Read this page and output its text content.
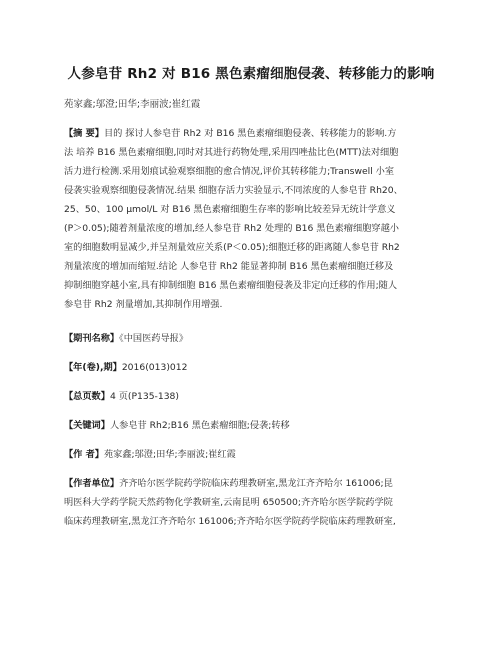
人参皂苷 Rh2 对 B16 黑色素瘤细胞侵袭、转移能力的影响
苑家鑫;邬澄;田华;李丽波;崔红霞
【摘 要】目的 探讨人参皂苷 Rh2 对 B16 黑色素瘤细胞侵袭、转移能力的影响.方
法 培养 B16 黑色素瘤细胞,同时对其进行药物处理,采用四唑盐比色(MTT)法对细胞
活力进行检测.采用划痕试验观察细胞的愈合情况,评价其转移能力;Transwell 小室
侵袭实验观察细胞侵袭情况.结果 细胞存活力实验显示,不同浓度的人参皂苷 Rh20、
25、50、100 μmol/L 对 B16 黑色素瘤细胞生存率的影响比较差异无统计学意义
(P＞0.05);随着剂量浓度的增加,经人参皂苷 Rh2 处理的 B16 黑色素瘤细胞穿越小
室的细胞数明显减少,并呈剂量效应关系(P＜0.05);细胞迁移的距离随人参皂苷 Rh2
剂量浓度的增加而缩短.结论 人参皂苷 Rh2 能显著抑制 B16 黑色素瘤细胞迁移及
抑制细胞穿越小室,具有抑制细胞 B16 黑色素瘤细胞侵袭及非定向迁移的作用;随人
参皂苷 Rh2 剂量增加,其抑制作用增强.
【期刊名称】《中国医药导报》
【年(卷),期】2016(013)012
【总页数】4 页(P135-138)
【关键词】人参皂苷 Rh2;B16 黑色素瘤细胞;侵袭;转移
【作 者】苑家鑫;邬澄;田华;李丽波;崔红霞
【作者单位】齐齐哈尔医学院药学院临床药理教研室,黑龙江齐齐哈尔 161006;昆
明医科大学药学院天然药物化学教研室,云南昆明 650500;齐齐哈尔医学院药学院
临床药理教研室,黑龙江齐齐哈尔 161006;齐齐哈尔医学院药学院临床药理教研室,
